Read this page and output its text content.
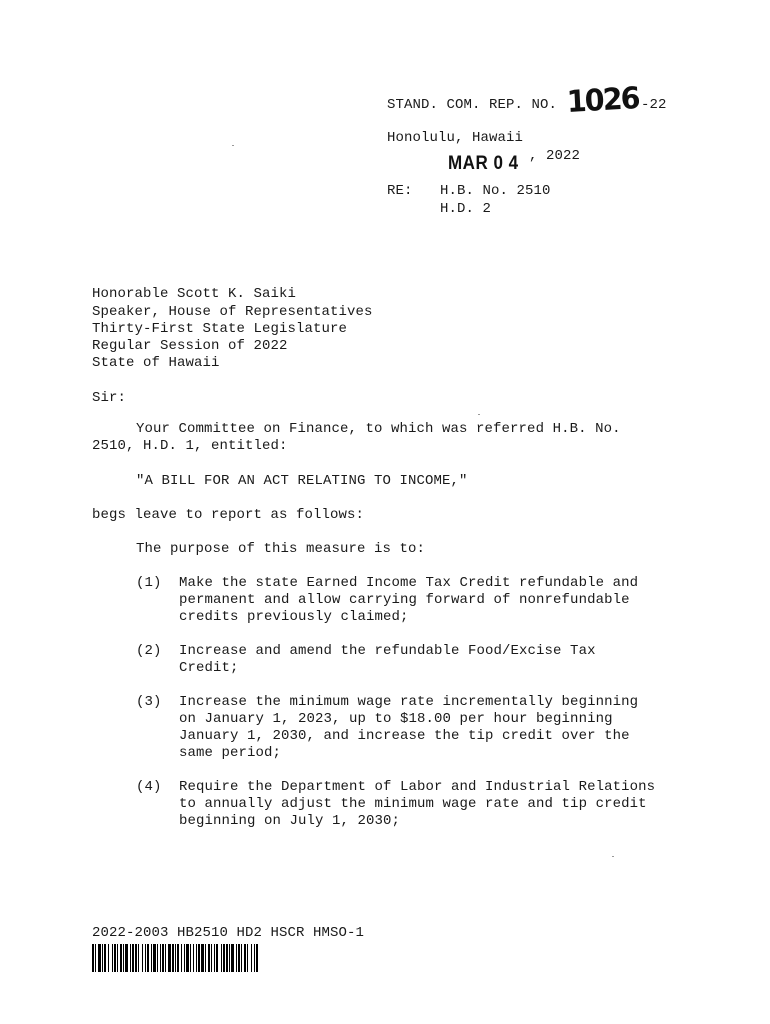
STAND. COM. REP. NO. 1026 -22
Honolulu, Hawaii
MAR 0 4 , 2022
RE: H.B. No. 2510
H.D. 2
Honorable Scott K. Saiki
Speaker, House of Representatives
Thirty-First State Legislature
Regular Session of 2022
State of Hawaii
Sir:
Your Committee on Finance, to which was referred H.B. No.
2510, H.D. 1, entitled:
"A BILL FOR AN ACT RELATING TO INCOME,"
begs leave to report as follows:
The purpose of this measure is to:
(1) Make the state Earned Income Tax Credit refundable and
permanent and allow carrying forward of nonrefundable
credits previously claimed;
(2) Increase and amend the refundable Food/Excise Tax
Credit;
(3) Increase the minimum wage rate incrementally beginning
on January 1, 2023, up to $18.00 per hour beginning
January 1, 2030, and increase the tip credit over the
same period;
(4) Require the Department of Labor and Industrial Relations
to annually adjust the minimum wage rate and tip credit
beginning on July 1, 2030;
2022-2003 HB2510 HD2 HSCR HMSO-1
